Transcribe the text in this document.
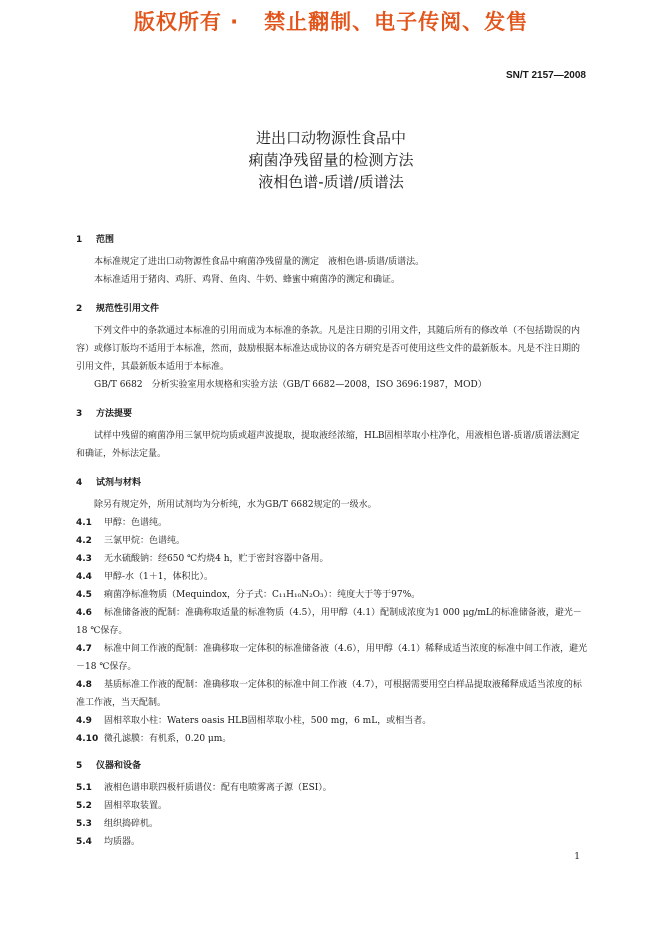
版权所有 ·   禁止翻制、电子传阅、发售
SN/T 2157—2008
进出口动物源性食品中
痢菌净残留量的检测方法
液相色谱-质谱/质谱法
1 范围
本标准规定了进出口动物源性食品中痢菌净残留量的测定　液相色谱-质谱/质谱法。
本标准适用于猪肉、鸡肝、鸡肾、鱼肉、牛奶、蜂蜜中痢菌净的测定和确证。
2 规范性引用文件
下列文件中的条款通过本标准的引用而成为本标准的条款。凡是注日期的引用文件，其随后所有的修改单（不包括勘误的内容）或修订版均不适用于本标准，然而，鼓励根据本标准达成协议的各方研究是否可使用这些文件的最新版本。凡是不注日期的引用文件，其最新版本适用于本标准。
GB/T 6682　分析实验室用水规格和实验方法（GB/T 6682—2008，ISO 3696:1987，MOD）
3 方法提要
试样中残留的痢菌净用三氯甲烷均质或超声波提取，提取液经浓缩，HLB固相萃取小柱净化，用液相色谱-质谱/质谱法测定和确证，外标法定量。
4 试剂与材料
除另有规定外，所用试剂均为分析纯，水为GB/T 6682规定的一级水。
4.1 甲醇：色谱纯。
4.2 三氯甲烷：色谱纯。
4.3 无水硫酸钠：经650 ℃灼烧4 h，贮于密封容器中备用。
4.4 甲醇-水（1＋1，体积比）。
4.5 痢菌净标准物质（Mequindox，分子式：C₁₁H₁₀N₂O₃）：纯度大于等于97%。
4.6 标准储备液的配制：准确称取适量的标准物质（4.5），用甲醇（4.1）配制成浓度为1 000 μg/mL的标准储备液，避光－18 ℃保存。
4.7 标准中间工作液的配制：准确移取一定体积的标准储备液（4.6），用甲醇（4.1）稀释成适当浓度的标准中间工作液，避光－18 ℃保存。
4.8 基质标准工作液的配制：准确移取一定体积的标准中间工作液（4.7），可根据需要用空白样品提取液稀释成适当浓度的标准工作液，当天配制。
4.9 固相萃取小柱：Waters oasis HLB固相萃取小柱，500 mg，6 mL，或相当者。
4.10 微孔滤膜：有机系，0.20 μm。
5 仪器和设备
5.1 液相色谱串联四极杆质谱仪：配有电喷雾离子源（ESI）。
5.2 固相萃取装置。
5.3 组织捣碎机。
5.4 均质器。
1
